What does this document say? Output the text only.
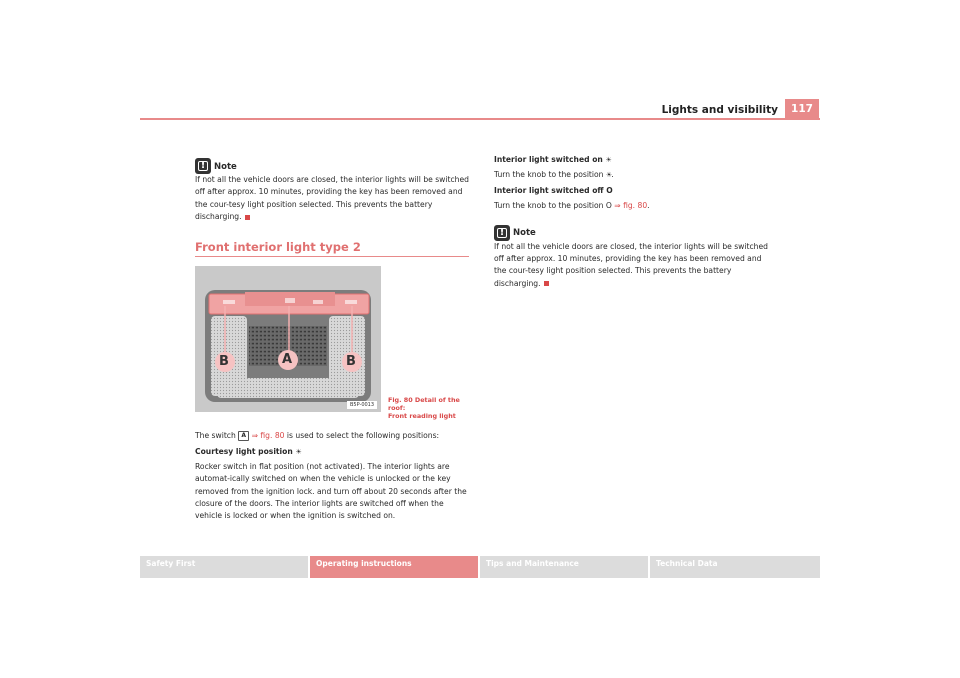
Lights and visibility	117
! Note

If not all the vehicle doors are closed, the interior lights will be switched off after approx. 10 minutes, providing the key has been removed and the cour-tesy light position selected. This prevents the battery discharging.

Front interior light type 2
B	A	B
B5P-0013
Fig. 80 Detail of the roof:
Front reading light

The switch A ⇒ fig. 80 is used to select the following positions:

Courtesy light position ☀

Rocker switch in flat position (not activated). The interior lights are automat-ically switched on when the vehicle is unlocked or the key removed from the ignition lock. and turn off about 20 seconds after the closure of the doors. The interior lights are switched off when the vehicle is locked or when the ignition is switched on.

Interior light switched on ☀

Turn the knob to the position ☀.

Interior light switched off O

Turn the knob to the position O ⇒ fig. 80.

! Note

If not all the vehicle doors are closed, the interior lights will be switched off after approx. 10 minutes, providing the key has been removed and the cour-tesy light position selected. This prevents the battery discharging.

Safety First	Operating instructions	Tips and Maintenance	Technical Data
